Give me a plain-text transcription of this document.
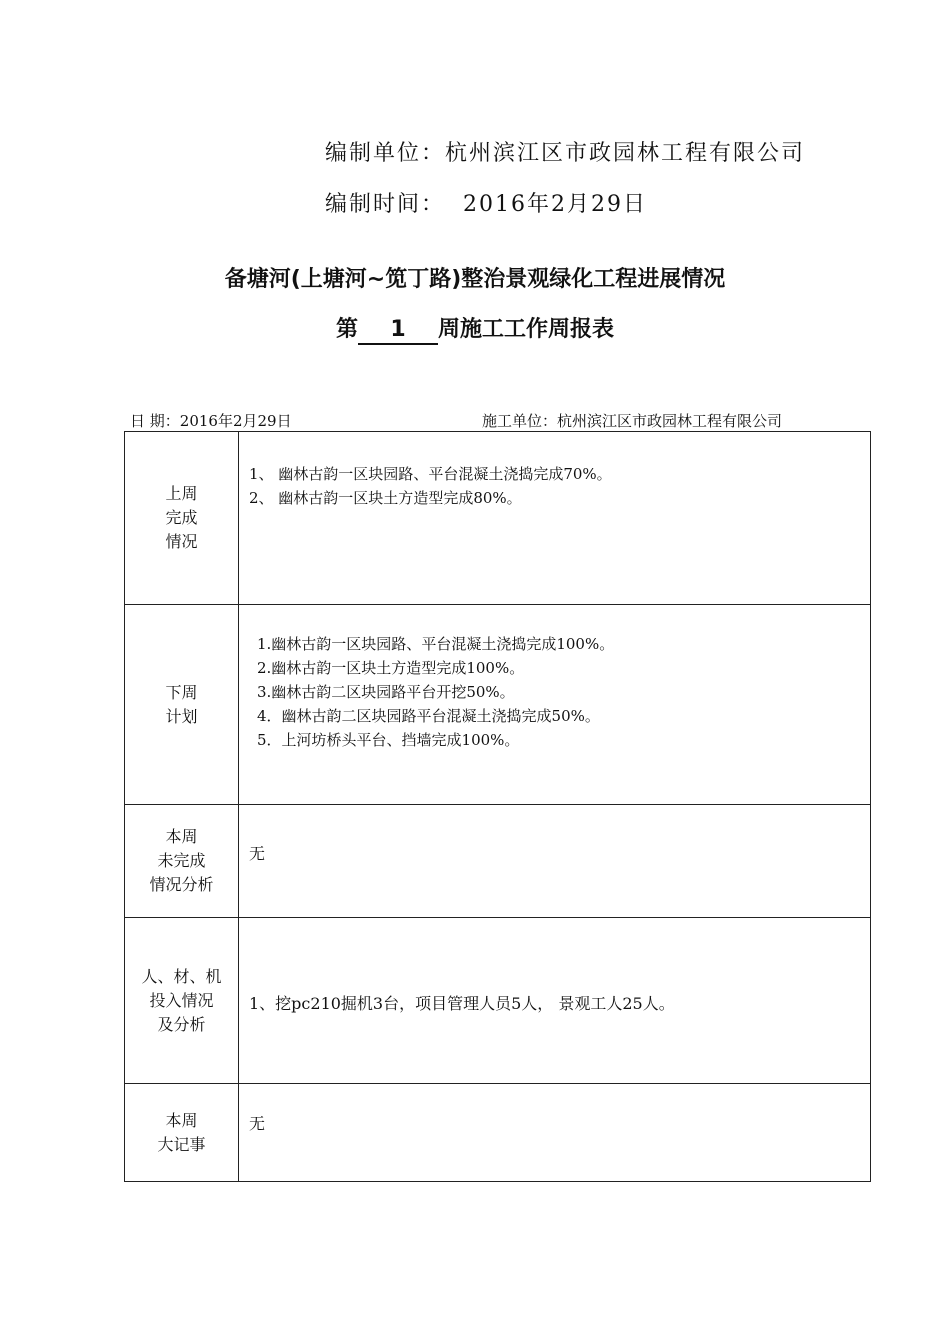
编制单位：杭州滨江区市政园林工程有限公司
编制时间： 2016年2月29日
备塘河(上塘河~笕丁路)整治景观绿化工程进展情况
第 1 周施工工作周报表
日 期：2016年2月29日	施工单位：杭州滨江区市政园林工程有限公司
上周
完成
情况	1、 幽林古韵一区块园路、平台混凝土浇捣完成70%。
2、 幽林古韵一区块土方造型完成80%。

下周
计划	1.幽林古韵一区块园路、平台混凝土浇捣完成100%。
2.幽林古韵一区块土方造型完成100%。
3.幽林古韵二区块园路平台开挖50%。
4．幽林古韵二区块园路平台混凝土浇捣完成50%。
5．上河坊桥头平台、挡墙完成100%。

本周
未完成
情况分析	无

人、材、机
投入情况
及分析	1、挖pc210掘机3台，项目管理人员5人， 景观工人25人。

本周
大记事	无
